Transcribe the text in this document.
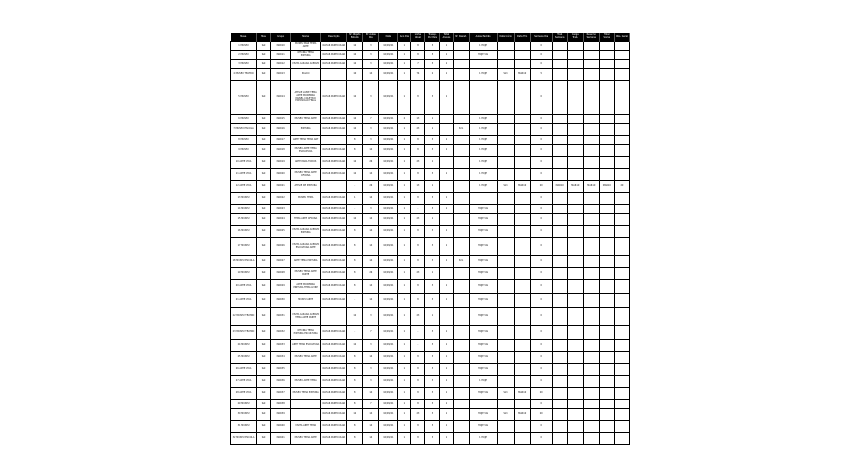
Mesa	Mes	Grupo	Nome	Descrição	Nº Objeto Estudo	Nº Aulas Dia	Data	Ano Dia	Linha Atual	Transp. Por Pais	Total Alunos	Nº Desist.	Aulas Padrão	Data Início	Data Fim	Semana Dia	Trab Semana	Carga Trab.	Resumo Semana	Total Soma	Obs. Geral
1 MUSEU	Set	MAR10	MUSEU MAR TEMA ARTE	OLHAR PARTICULAR	12	3	10/09/21	1	8	3	1		1 HOJE			0					
2 MUSEU	Set	MAR11	OFICINA TEMA PINTURA	OLHAR PARTICULAR	12	3	10/09/21	1	8	3	1		HOJE VAI			0					
3 MUSEU	Set	MAR12	VISITA GUIADA ACERVO	OLHAR PARTICULAR	12	3	10/09/21	1	7	3	1					0					
4 MUSEU TEATRO	Set	MAR13	PALCO		10	14	10/09/21	1	74	2	1		1 HOJE	Sim	MAR10	5					
5 MUSEU	Set	MAR14	ATELIE LIVRE TEMA ARTE MODERNA PAINEL COLETIVO EXPOSICAO FINAL	OLHAR PARTICULAR	12	3	10/09/21	1	8	3	1					0					
6 MUSEU	Set	MAR15	MUSEU TEMA ARTE	OLHAR PARTICULAR	12	7	10/09/21	2	13	1			1 HOJE			0					
7 MUSEU ESCOLA	Set	MAR16	PINTURA	OLHAR PARTICULAR	12	3	10/09/21	1	23	1		Sim	1 HOJE			0					
8 MUSEU	Set	MAR17	ARTE TEMA TEMA ART		8	3	10/09/21	1	8	3	1		1 HOJE			0					
9 MUSEU	Set	MAR18	MUSEU ARTE TEMA ESCULTURA	OLHAR PARTICULAR	8	14	10/09/21	1	8	3	1		1 HOJE			0					
10 ARTE VIVA	Set	MAR19	ARTE PARA TODOS	OLHAR PARTICULAR	12	26	10/09/21	1	23	1			1 HOJE			0					
11 ARTE VIVA	Set	MAR20	MUSEU TEMA ARTE OFICINA	OLHAR PARTICULAR	12	14	10/09/21	1	8	3	1		1 HOJE			0					
12 ARTE VIVA	Set	MAR21	ATELIE DE PINTURA		-	26	10/09/21	1	13	1			1 HOJE	Sim	MAR10	20	MAR10	MAR10	MAR10	MAR10	20
13 MUSEU	Set	MAR22	MUSEU TEMA	OLHAR PARTICULAR	1	14	10/09/21	1	8	3	1					0					
14 MUSEU	Set	MAR23		OLHAR PARTICULAR	-	3	10/09/21	1	-	3	1		HOJE VAI			0					
15 MUSEU	Set	MAR24	TEMA ARTE OFICINA	OLHAR PARTICULAR	12	14	10/09/21	1	23	1			HOJE VAI			0					
16 MUSEU	Set	MAR25	VISITA GUIADA ACERVO PINTURA	OLHAR PARTICULAR	8	14	10/09/21	1	8	3	1		HOJE VAI			0					
17 MUSEU	Set	MAR26	VISITA GUIADA ACERVO ESCULTURA ARTE	OLHAR PARTICULAR	8	14	10/09/21	1	8	3	1		HOJE VAI			0					
18 MUSEU ESCOLA	Set	MAR27	ARTE TEMA PINTURA	OLHAR PARTICULAR	8	14	10/09/21	1	8	3	1	Sim	HOJE VAI			0					
19 MUSEU	Set	MAR28	MUSEU TEMA ARTE PARTE	OLHAR PARTICULAR	8	26	10/09/21	1	23	1			HOJE VAI			0					
20 ARTE VIVA	Set	MAR29	ARTE MODERNA PINTURA TEMA LIVRE	OLHAR PARTICULAR	8	14	10/09/21	1	8	3	1		HOJE VAI			0					
21 ARTE VIVA	Set	MAR30	MUSEU ARTE	OLHAR PARTICULAR	-	14	10/09/21	1	8	3	1		HOJE VAI			0					
22 MUSEU TEATRO	Set	MAR31	VISITA GUIADA ACERVO TEMA ARTE PARTE		12	3	10/09/21	1	23	1			HOJE VAI			0					
23 MUSEU TEATRO	Set	MAR32	OFICINA TEMA PINTURA ESCULTURA	OLHAR PARTICULAR	-	7	10/09/21	1	-	3	1		HOJE VAI			0					
24 MUSEU	Set	MAR33	ARTE TEMA ESCULTURA	OLHAR PARTICULAR	12	3	10/09/21	1	-	3	1		HOJE VAI			0					
25 MUSEU	Set	MAR34	MUSEU TEMA ARTE	OLHAR PARTICULAR	8	14	10/09/21	1	8	3	1		HOJE VAI			0					
26 ARTE VIVA	Set	MAR35		OLHAR PARTICULAR	8	3	10/09/21	1	8	3	1		HOJE VAI			0					
27 ARTE VIVA	Set	MAR36	MUSEU ARTE TEMA	OLHAR PARTICULAR	8	3	10/09/21	1	8	3	1		1 HOJE			0					
28 ARTE VIVA	Set	MAR37	MUSEU TEMA PINTURA	OLHAR PARTICULAR	8	14	10/09/21	1	8	3	1		HOJE VAI	Sim	MAR10	20					
29 MUSEU	Set	MAR38		OLHAR PARTICULAR	8	7	10/09/21	1	8	3	1					0					
30 MUSEU	Set	MAR39		OLHAR PARTICULAR	12	14	10/09/21	1	23	3	1		HOJE VAI	Sim	MAR10	20					
31 MUSEU	Set	MAR40	VISITA ARTE TEMA	OLHAR PARTICULAR	8	14	10/09/21	1	8	3	1		HOJE VAI			0					
32 MUSEU ESCOLA	Set	MAR41	MUSEU TEMA ARTE	OLHAR PARTICULAR	8	14	10/09/21	1	8	3	1		1 HOJE			0					
